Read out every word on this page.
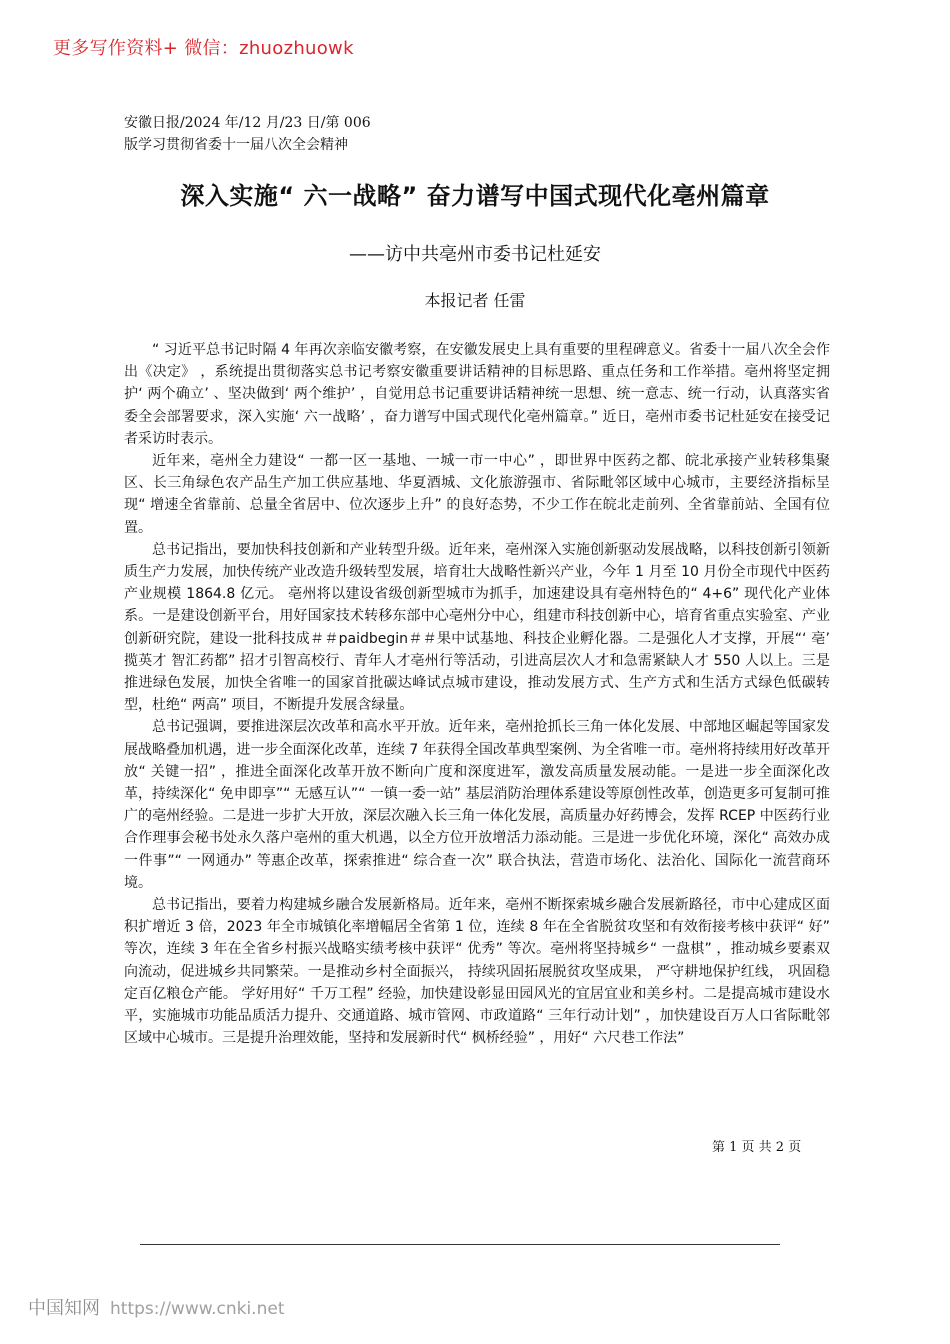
更多写作资料+ 微信：zhuozhuowk
安徽日报/2024 年/12 月/23 日/第 006
版学习贯彻省委十一届八次全会精神
深入实施“ 六一战略” 奋力谱写中国式现代化亳州篇章
——访中共亳州市委书记杜延安
本报记者 任雷

“ 习近平总书记时隔 4 年再次亲临安徽考察，在安徽发展史上具有重要的里程碑意义。省委十一届八次全会作出《决定》 ，系统提出贯彻落实总书记考察安徽重要讲话精神的目标思路、重点任务和工作举措。亳州将坚定拥护‘ 两个确立’ 、坚决做到‘ 两个维护’ ，自觉用总书记重要讲话精神统一思想、统一意志、统一行动，认真落实省委全会部署要求，深入实施‘ 六一战略’ ，奋力谱写中国式现代化亳州篇章。” 近日，亳州市委书记杜延安在接受记者采访时表示。

近年来，亳州全力建设“ 一都一区一基地、一城一市一中心” ，即世界中医药之都、皖北承接产业转移集聚区、长三角绿色农产品生产加工供应基地、华夏酒城、文化旅游强市、省际毗邻区域中心城市，主要经济指标呈现“ 增速全省靠前、总量全省居中、位次逐步上升” 的良好态势，不少工作在皖北走前列、全省靠前站、全国有位置。

总书记指出，要加快科技创新和产业转型升级。近年来，亳州深入实施创新驱动发展战略，以科技创新引领新质生产力发展，加快传统产业改造升级转型发展，培育壮大战略性新兴产业，今年 1 月至 10 月份全市现代中医药产业规模 1864.8 亿元。 亳州将以建设省级创新型城市为抓手，加速建设具有亳州特色的“ 4+6” 现代化产业体系。一是建设创新平台，用好国家技术转移东部中心亳州分中心，组建市科技创新中心，培育省重点实验室、产业创新研究院，建设一批科技成＃＃paidbegin＃＃果中试基地、科技企业孵化器。二是强化人才支撑，开展“‘ 亳’ 揽英才 智汇药都” 招才引智高校行、青年人才亳州行等活动，引进高层次人才和急需紧缺人才 550 人以上。三是推进绿色发展，加快全省唯一的国家首批碳达峰试点城市建设，推动发展方式、生产方式和生活方式绿色低碳转型，杜绝“ 两高” 项目，不断提升发展含绿量。

总书记强调，要推进深层次改革和高水平开放。近年来，亳州抢抓长三角一体化发展、中部地区崛起等国家发展战略叠加机遇，进一步全面深化改革，连续 7 年获得全国改革典型案例、为全省唯一市。亳州将持续用好改革开放“ 关键一招” ，推进全面深化改革开放不断向广度和深度进军，激发高质量发展动能。一是进一步全面深化改革，持续深化“ 免申即享”“ 无感互认”“ 一镇一委一站” 基层消防治理体系建设等原创性改革，创造更多可复制可推广的亳州经验。二是进一步扩大开放，深层次融入长三角一体化发展，高质量办好药博会，发挥 RCEP 中医药行业合作理事会秘书处永久落户亳州的重大机遇，以全方位开放增活力添动能。三是进一步优化环境，深化“ 高效办成一件事”“ 一网通办” 等惠企改革，探索推进“ 综合查一次” 联合执法，营造市场化、法治化、国际化一流营商环境。

总书记指出，要着力构建城乡融合发展新格局。近年来，亳州不断探索城乡融合发展新路径，市中心建成区面积扩增近 3 倍，2023 年全市城镇化率增幅居全省第 1 位，连续 8 年在全省脱贫攻坚和有效衔接考核中获评“ 好” 等次，连续 3 年在全省乡村振兴战略实绩考核中获评“ 优秀” 等次。亳州将坚持城乡“ 一盘棋” ，推动城乡要素双向流动，促进城乡共同繁荣。一是推动乡村全面振兴， 持续巩固拓展脱贫攻坚成果， 严守耕地保护红线， 巩固稳定百亿粮仓产能。 学好用好“ 千万工程” 经验，加快建设彰显田园风光的宜居宜业和美乡村。二是提高城市建设水平，实施城市功能品质活力提升、交通道路、城市管网、市政道路“ 三年行动计划” ，加快建设百万人口省际毗邻区域中心城市。三是提升治理效能，坚持和发展新时代“ 枫桥经验” ，用好“ 六尺巷工作法”

第 1 页 共 2 页
中国知网 https://www.cnki.net
